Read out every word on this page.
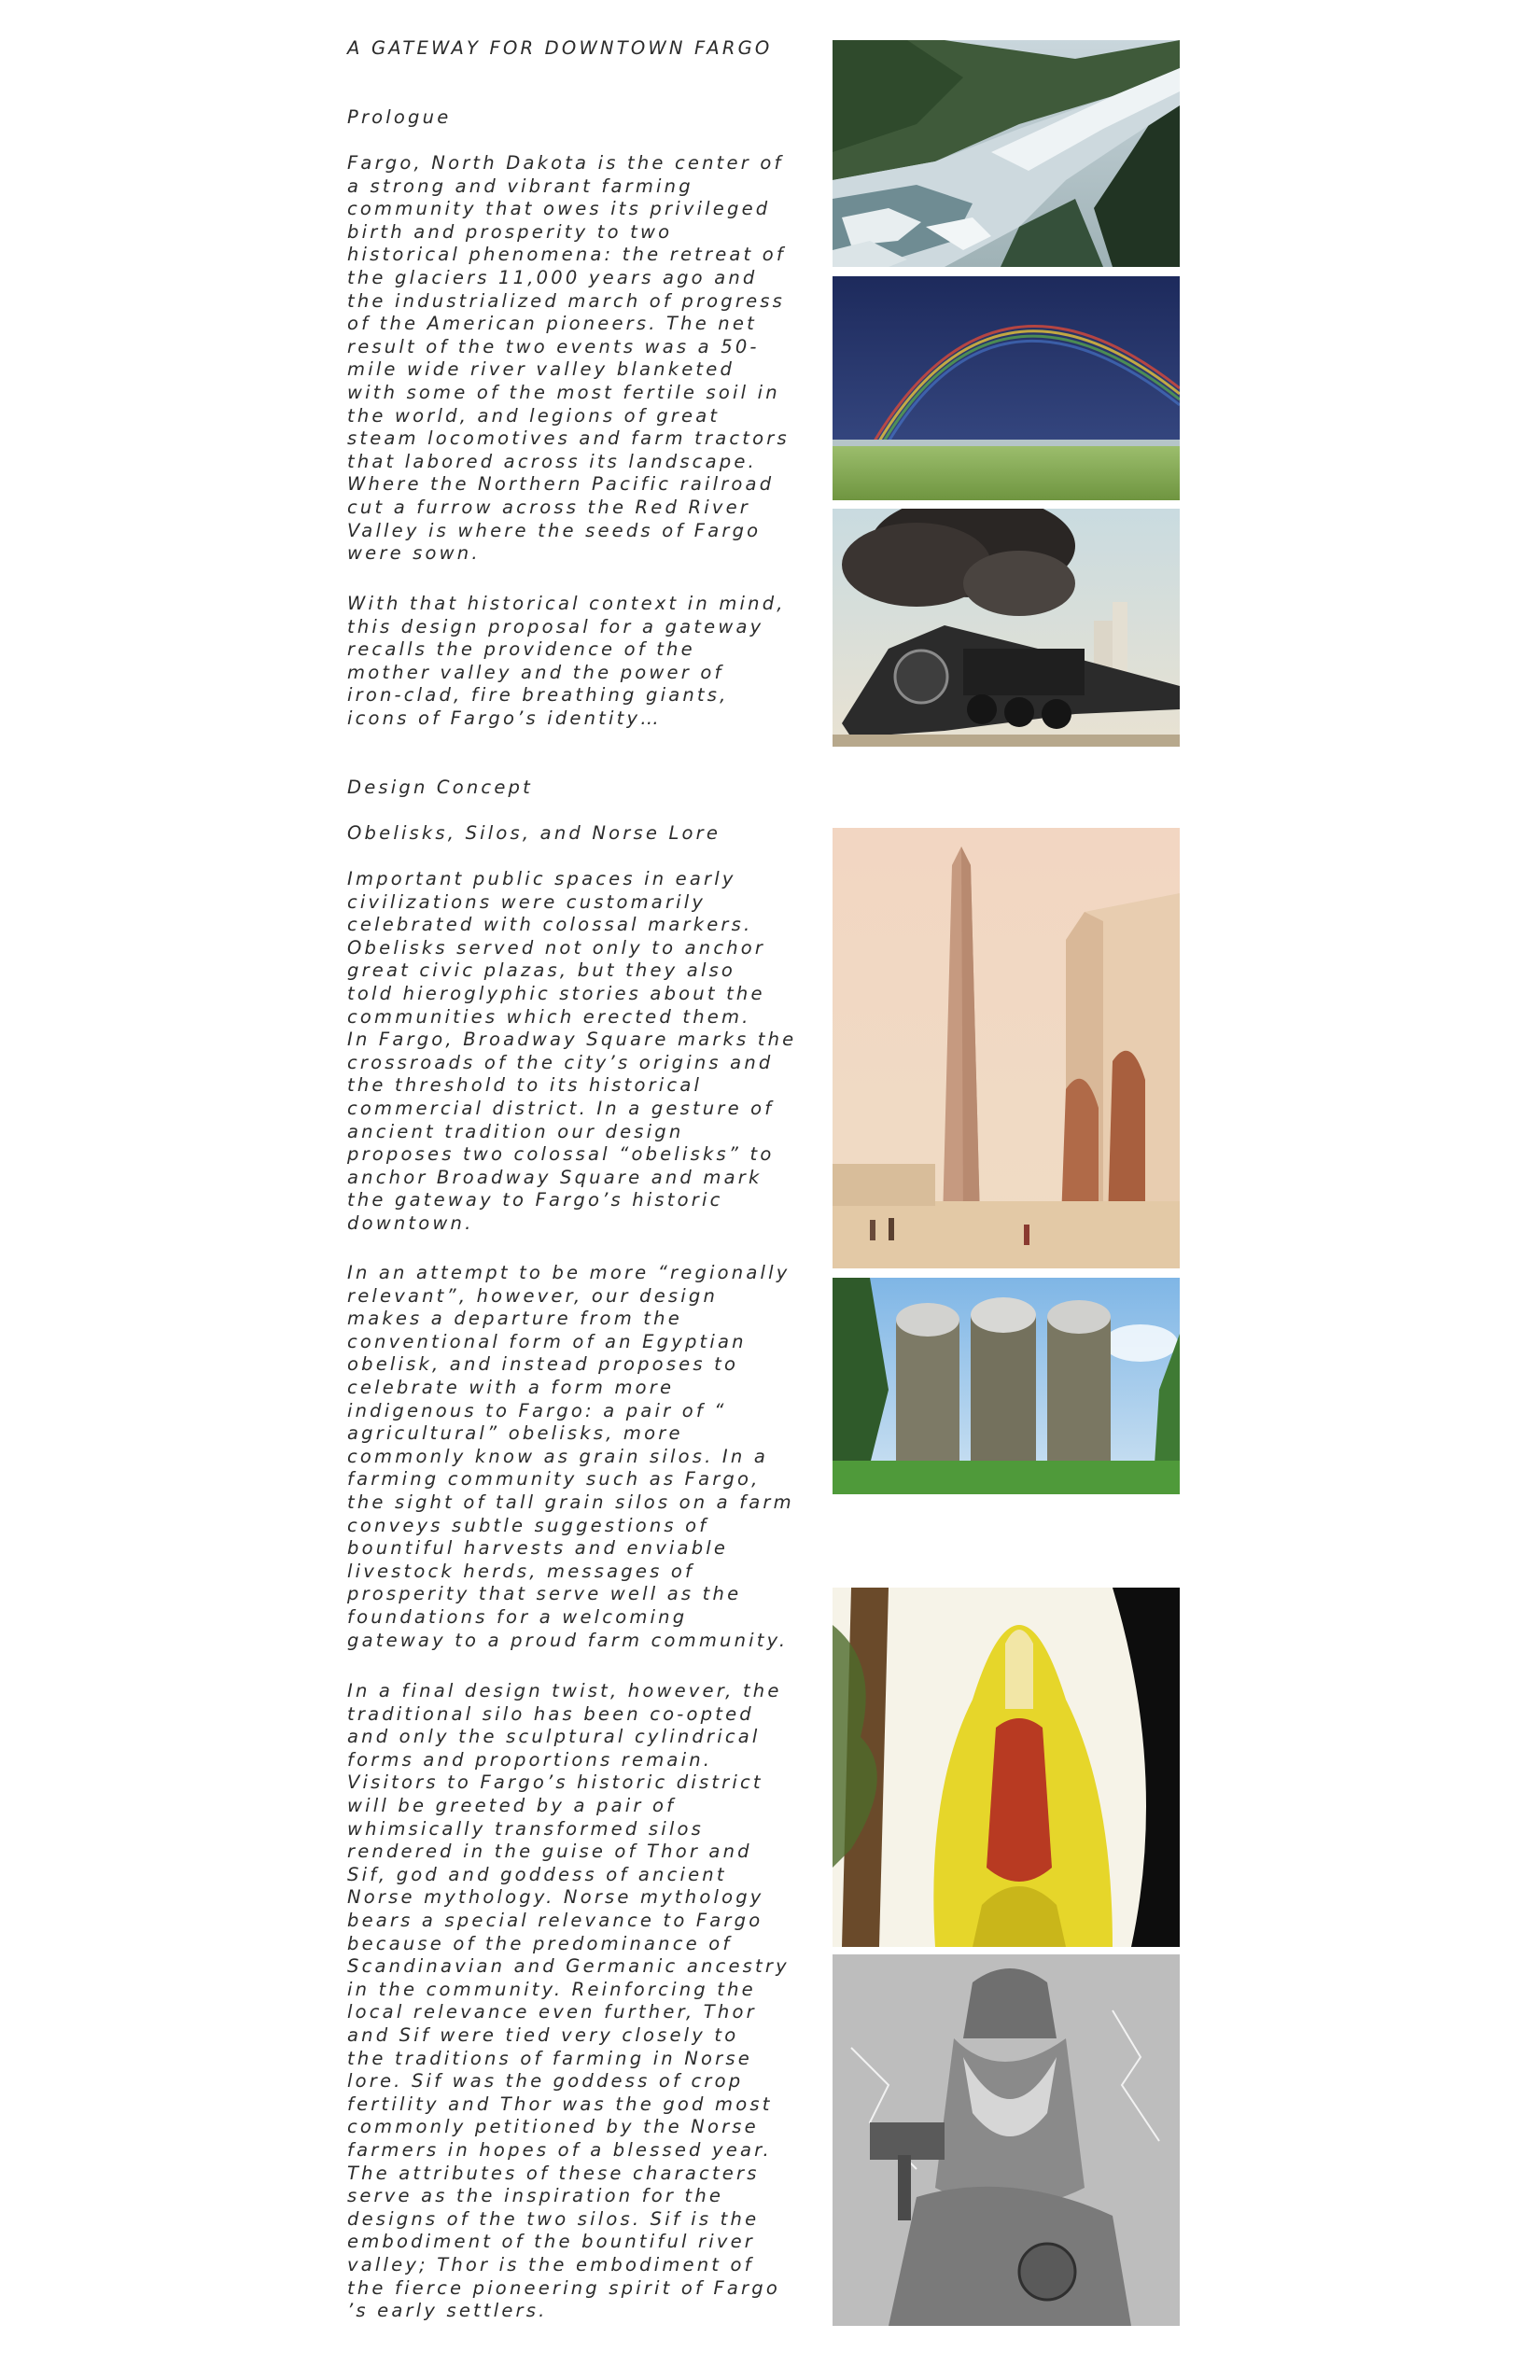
A GATEWAY FOR DOWNTOWN FARGO
Prologue
Fargo, North Dakota is the center of
a strong and vibrant farming
community that owes its privileged
birth and prosperity to two
historical phenomena: the retreat of
the glaciers 11,000 years ago and
the industrialized march of progress
of the American pioneers. The net
result of the two events was a 50-
mile wide river valley blanketed
with some of the most fertile soil in
the world, and legions of great
steam locomotives and farm tractors
that labored across its landscape.
Where the Northern Pacific railroad
cut a furrow across the Red River
Valley is where the seeds of Fargo
were sown.
With that historical context in mind,
this design proposal for a gateway
recalls the providence of the
mother valley and the power of
iron-clad, fire breathing giants,
icons of Fargo’s identity…
Design Concept
Obelisks, Silos, and Norse Lore
Important public spaces in early
civilizations were customarily
celebrated with colossal markers.
Obelisks served not only to anchor
great civic plazas, but they also
told hieroglyphic stories about the
communities which erected them.
In Fargo, Broadway Square marks the
crossroads of the city’s origins and
the threshold to its historical
commercial district. In a gesture of
ancient tradition our design
proposes two colossal “obelisks” to
anchor Broadway Square and mark
the gateway to Fargo’s historic
downtown.
In an attempt to be more “regionally
relevant”, however, our design
makes a departure from the
conventional form of an Egyptian
obelisk, and instead proposes to
celebrate with a form more
indigenous to Fargo: a pair of “
agricultural” obelisks, more
commonly know as grain silos. In a
farming community such as Fargo,
the sight of tall grain silos on a farm
conveys subtle suggestions of
bountiful harvests and enviable
livestock herds, messages of
prosperity that serve well as the
foundations for a welcoming
gateway to a proud farm community.
In a final design twist, however, the
traditional silo has been co-opted
and only the sculptural cylindrical
forms and proportions remain.
Visitors to Fargo’s historic district
will be greeted by a pair of
whimsically transformed silos
rendered in the guise of Thor and
Sif, god and goddess of ancient
Norse mythology. Norse mythology
bears a special relevance to Fargo
because of the predominance of
Scandinavian and Germanic ancestry
in the community. Reinforcing the
local relevance even further, Thor
and Sif were tied very closely to
the traditions of farming in Norse
lore. Sif was the goddess of crop
fertility and Thor was the god most
commonly petitioned by the Norse
farmers in hopes of a blessed year.
The attributes of these characters
serve as the inspiration for the
designs of the two silos. Sif is the
embodiment of the bountiful river
valley; Thor is the embodiment of
the fierce pioneering spirit of Fargo
’s early settlers.
